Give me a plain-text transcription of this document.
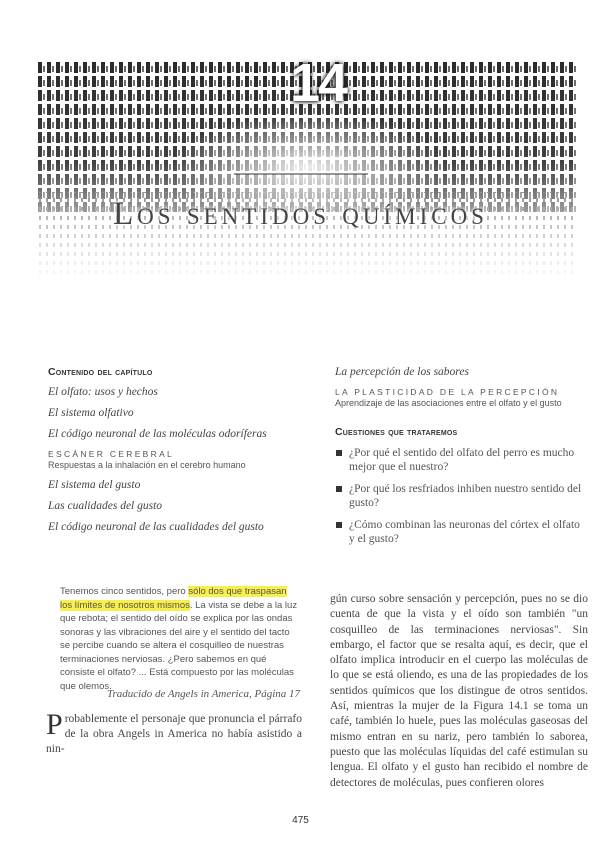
14
Los sentidos químicos
Contenido del capítulo
El olfato: usos y hechos
El sistema olfativo
El código neuronal de las moléculas odoríferas
ESCÁNER CEREBRAL
Respuestas a la inhalación en el cerebro humano
El sistema del gusto
Las cualidades del gusto
El código neuronal de las cualidades del gusto
La percepción de los sabores
LA PLASTICIDAD DE LA PERCEPCIÓN
Aprendizaje de las asociaciones entre el olfato y el gusto
Cuestiones que trataremos
¿Por qué el sentido del olfato del perro es mucho mejor que el nuestro?
¿Por qué los resfriados inhiben nuestro sentido del gusto?
¿Cómo combinan las neuronas del córtex el olfato y el gusto?
Tenemos cinco sentidos, pero sólo dos que traspasan los límites de nosotros mismos. La vista se debe a la luz que rebota; el sentido del oído se explica por las ondas sonoras y las vibraciones del aire y el sentido del tacto se percibe cuando se altera el cosquilleo de nuestras terminaciones nerviosas. ¿Pero sabemos en qué consiste el olfato? ... Está compuesto por las moléculas que olemos.
Traducido de Angels in America, Página 17
Probablemente el personaje que pronuncia el párrafo de la obra Angels in America no había asistido a nin-
gún curso sobre sensación y percepción, pues no se dio cuenta de que la vista y el oído son también "un cosquilleo de las terminaciones nerviosas". Sin embargo, el factor que se resalta aquí, es decir, que el olfato implica introducir en el cuerpo las moléculas de lo que se está oliendo, es una de las propiedades de los sentidos químicos que los distingue de otros sentidos. Así, mientras la mujer de la Figura 14.1 se toma un café, también lo huele, pues las moléculas gaseosas del mismo entran en su nariz, pero también lo saborea, puesto que las moléculas líquidas del café estimulan su lengua. El olfato y el gusto han recibido el nombre de detectores de moléculas, pues confieren olores
475
